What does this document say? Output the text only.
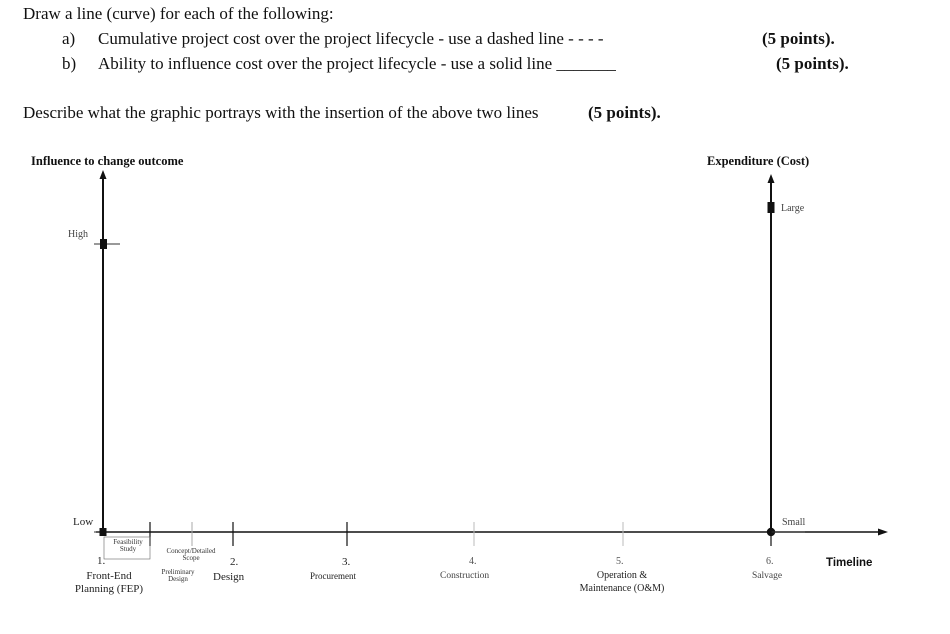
Draw a line (curve) for each of the following:
a) Cumulative project cost over the project lifecycle - use a dashed line - - - -	(5 points).
b) Ability to influence cost over the project lifecycle - use a solid line _______	(5 points).
Describe what the graphic portrays with the insertion of the above two lines	(5 points).
Influence to change outcome	Expenditure (Cost)
Timeline
High
Low
Large
Small
Feasibility
Study	Concept/Detailed
Scope
Preliminary
Design
1.
Front-End
Planning (FEP)
2.
Design
3.
Procurement
4.
Construction
5.
Operation &
Maintenance (O&M)
6.
Salvage
